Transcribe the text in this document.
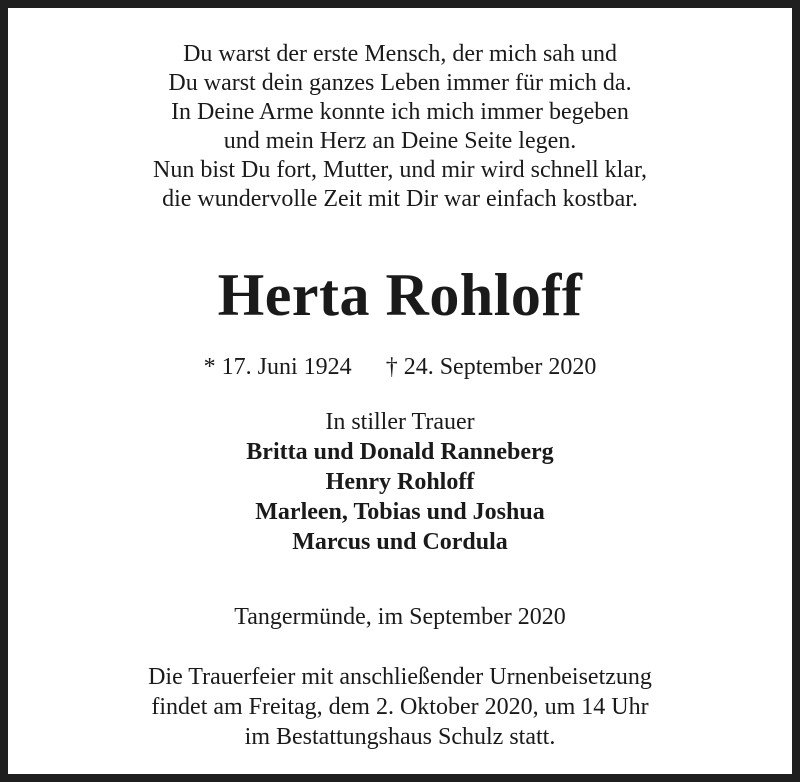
Du warst der erste Mensch, der mich sah und
Du warst dein ganzes Leben immer für mich da.
In Deine Arme konnte ich mich immer begeben
und mein Herz an Deine Seite legen.
Nun bist Du fort, Mutter, und mir wird schnell klar,
die wundervolle Zeit mit Dir war einfach kostbar.
Herta Rohloff
* 17. Juni 1924 † 24. September 2020
In stiller Trauer
Britta und Donald Ranneberg
Henry Rohloff
Marleen, Tobias und Joshua
Marcus und Cordula
Tangermünde, im September 2020
Die Trauerfeier mit anschließender Urnenbeisetzung
findet am Freitag, dem 2. Oktober 2020, um 14 Uhr
im Bestattungshaus Schulz statt.
